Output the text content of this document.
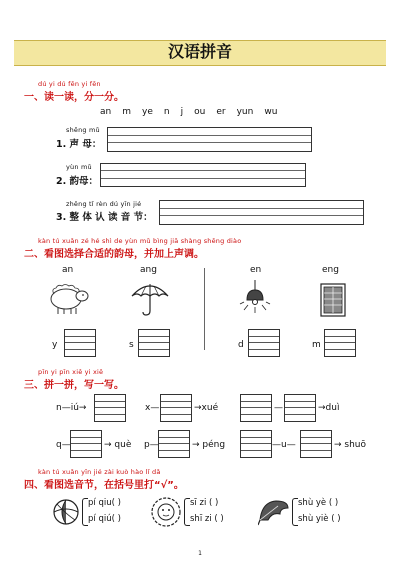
汉语拼音
dú yi dú fēn yi fēn
一、读一读，分一分。
an m ye n j ou er yun wu
shēng mǔ
1. 声 母：
yùn mǔ
2. 韵母：
zhěng tǐ rèn dú yīn jié
3. 整 体 认 读 音 节：
kàn tú xuǎn zé hé shì de yùn mǔ bìng jiā shàng shēng diào
二、看图选择合适的韵母，并加上声调。
an	ang	en	eng
y	s	d	m
pīn yi pīn xiě yi xiě
三、拼一拼，写一写。
n—iú→	x—	→xué	—	→duì
q—	→ què p—	→ péng	—u—	→ shuō
kàn tú xuǎn yīn jié zài kuò hào lǐ dǎ
四、看图选音节，在括号里打“√”。
pí qiu( )
pí qiú( )
sī zi ( )
shī zi ( )
shù yè ( )
shù yiè ( )
1
